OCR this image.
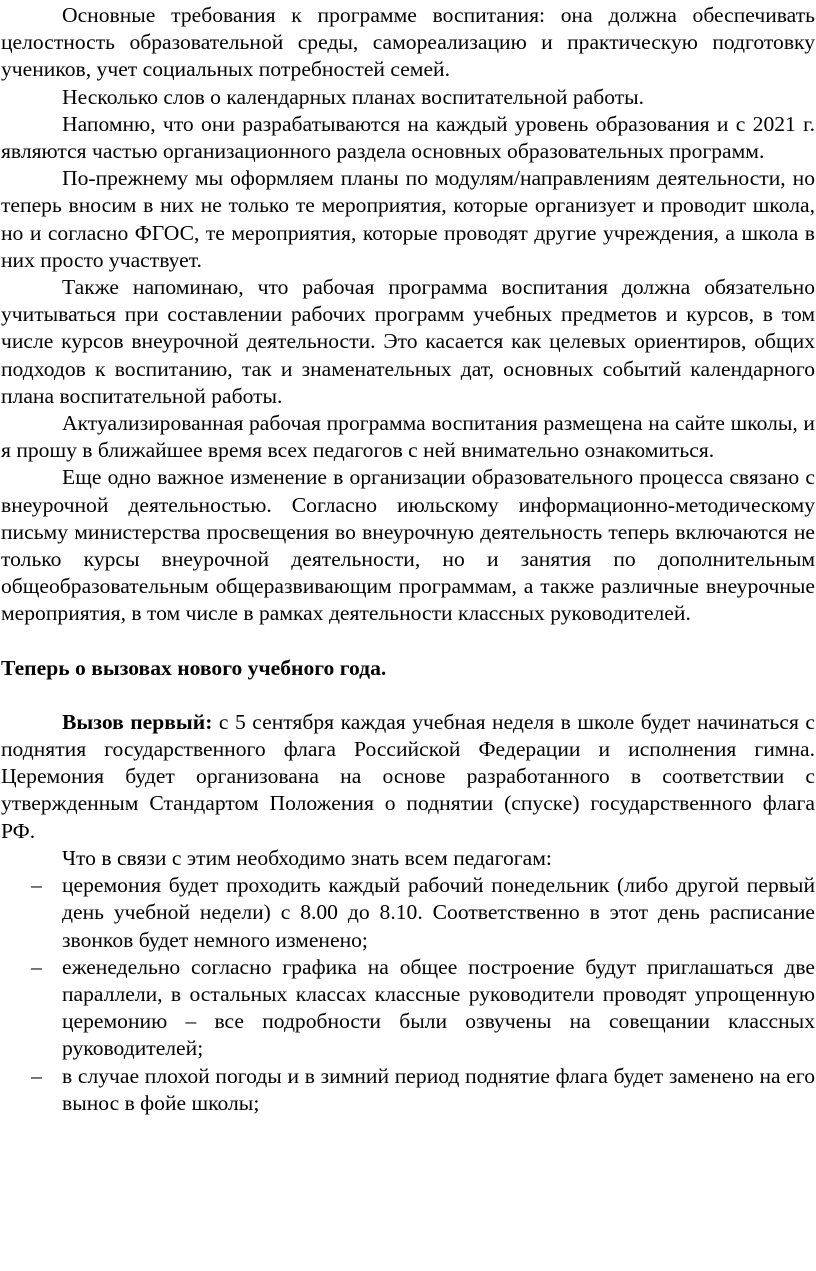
Основные требования к программе воспитания: она должна обеспечивать целостность образовательной среды, самореализацию и практическую подготовку учеников, учет социальных потребностей семей.

Несколько слов о календарных планах воспитательной работы.

Напомню, что они разрабатываются на каждый уровень образования и с 2021 г. являются частью организационного раздела основных образовательных программ.

По-прежнему мы оформляем планы по модулям/направлениям деятельности, но теперь вносим в них не только те мероприятия, которые организует и проводит школа, но и согласно ФГОС, те мероприятия, которые проводят другие учреждения, а школа в них просто участвует.

Также напоминаю, что рабочая программа воспитания должна обязательно учитываться при составлении рабочих программ учебных предметов и курсов, в том числе курсов внеурочной деятельности. Это касается как целевых ориентиров, общих подходов к воспитанию, так и знаменательных дат, основных событий календарного плана воспитательной работы.

Актуализированная рабочая программа воспитания размещена на сайте школы, и я прошу в ближайшее время всех педагогов с ней внимательно ознакомиться.

Еще одно важное изменение в организации образовательного процесса связано с внеурочной деятельностью. Согласно июльскому информационно-методическому письму министерства просвещения во внеурочную деятельность теперь включаются не только курсы внеурочной деятельности, но и занятия по дополнительным общеобразовательным общеразвивающим программам, а также различные внеурочные мероприятия, в том числе в рамках деятельности классных руководителей.

Теперь о вызовах нового учебного года.

Вызов первый: с 5 сентября каждая учебная неделя в школе будет начинаться с поднятия государственного флага Российской Федерации и исполнения гимна. Церемония будет организована на основе разработанного в соответствии с утвержденным Стандартом Положения о поднятии (спуске) государственного флага РФ.

Что в связи с этим необходимо знать всем педагогам:

– церемония будет проходить каждый рабочий понедельник (либо другой первый день учебной недели) с 8.00 до 8.10. Соответственно в этот день расписание звонков будет немного изменено;
– еженедельно согласно графика на общее построение будут приглашаться две параллели, в остальных классах классные руководители проводят упрощенную церемонию – все подробности были озвучены на совещании классных руководителей;
– в случае плохой погоды и в зимний период поднятие флага будет заменено на его вынос в фойе школы;
